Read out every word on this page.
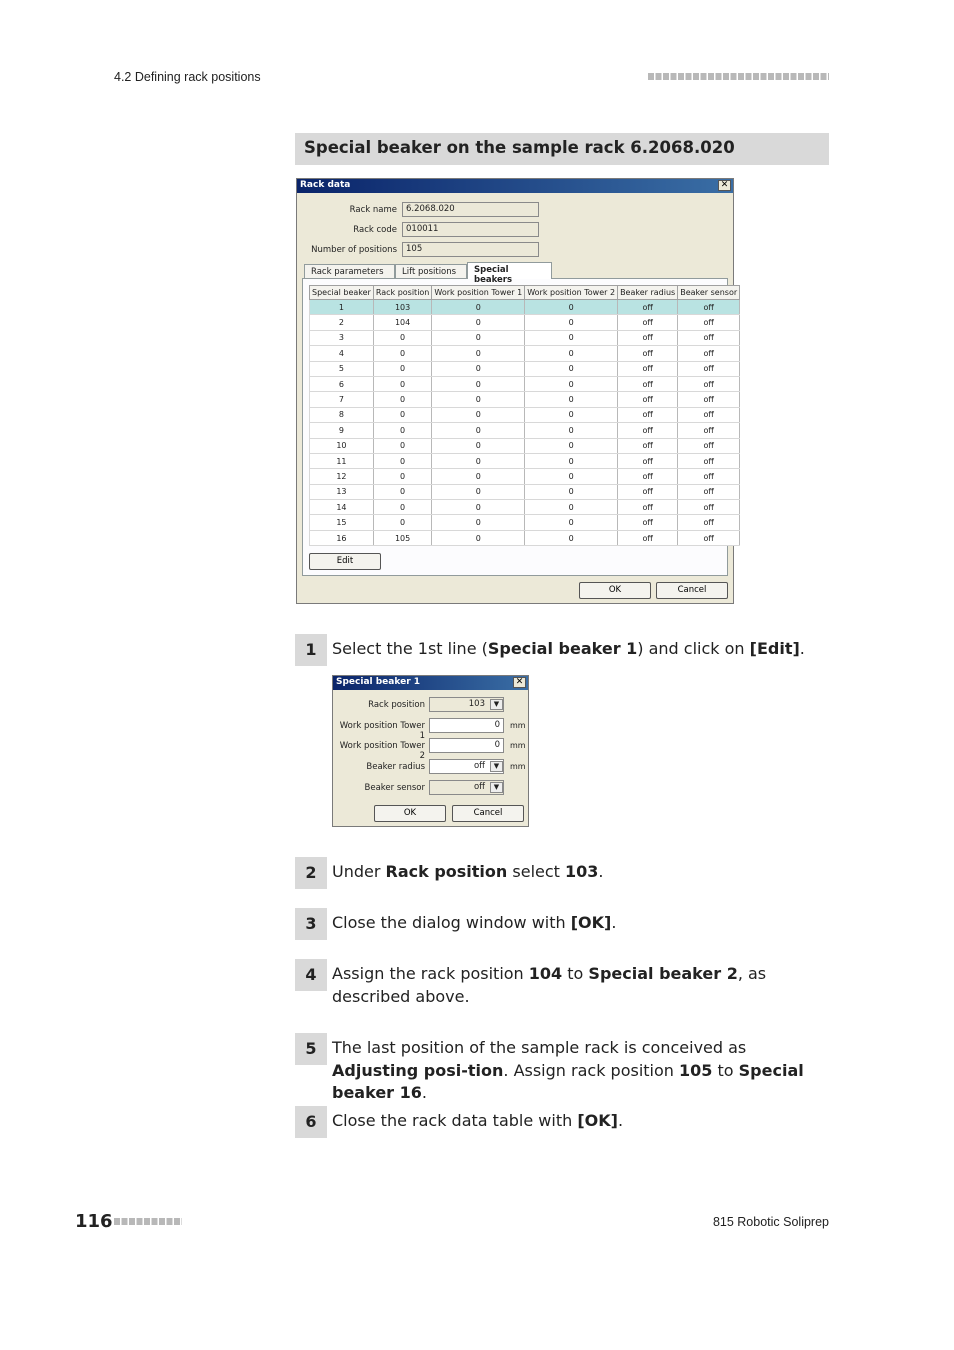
4.2 Defining rack positions
Special beaker on the sample rack 6.2068.020
Rack data	✕
Rack name	6.2068.020
Rack code	010011
Number of positions	105
Rack parameters	Lift positions	Special beakers
Special beaker	Rack position	Work position Tower 1	Work position Tower 2	Beaker radius	Beaker sensor
1	103	0	0	off	off
2	104	0	0	off	off
3	0	0	0	off	off
4	0	0	0	off	off
5	0	0	0	off	off
6	0	0	0	off	off
7	0	0	0	off	off
8	0	0	0	off	off
9	0	0	0	off	off
10	0	0	0	off	off
11	0	0	0	off	off
12	0	0	0	off	off
13	0	0	0	off	off
14	0	0	0	off	off
15	0	0	0	off	off
16	105	0	0	off	off
Edit
OK	Cancel
1 Select the 1st line (Special beaker 1) and click on [Edit].
Special beaker 1	✕
Rack position	103	▼
Work position Tower 1
0	mm
Work position Tower 2
0	mm
Beaker radius	off	▼	mm
Beaker sensor	off	▼
OK	Cancel
2 Under Rack position select 103.
3 Close the dialog window with [OK].
4 Assign the rack position 104 to Special beaker 2, as described above.
5 The last position of the sample rack is conceived as Adjusting posi-tion. Assign rack position 105 to Special beaker 16.
6 Close the rack data table with [OK].
116	815 Robotic Soliprep
